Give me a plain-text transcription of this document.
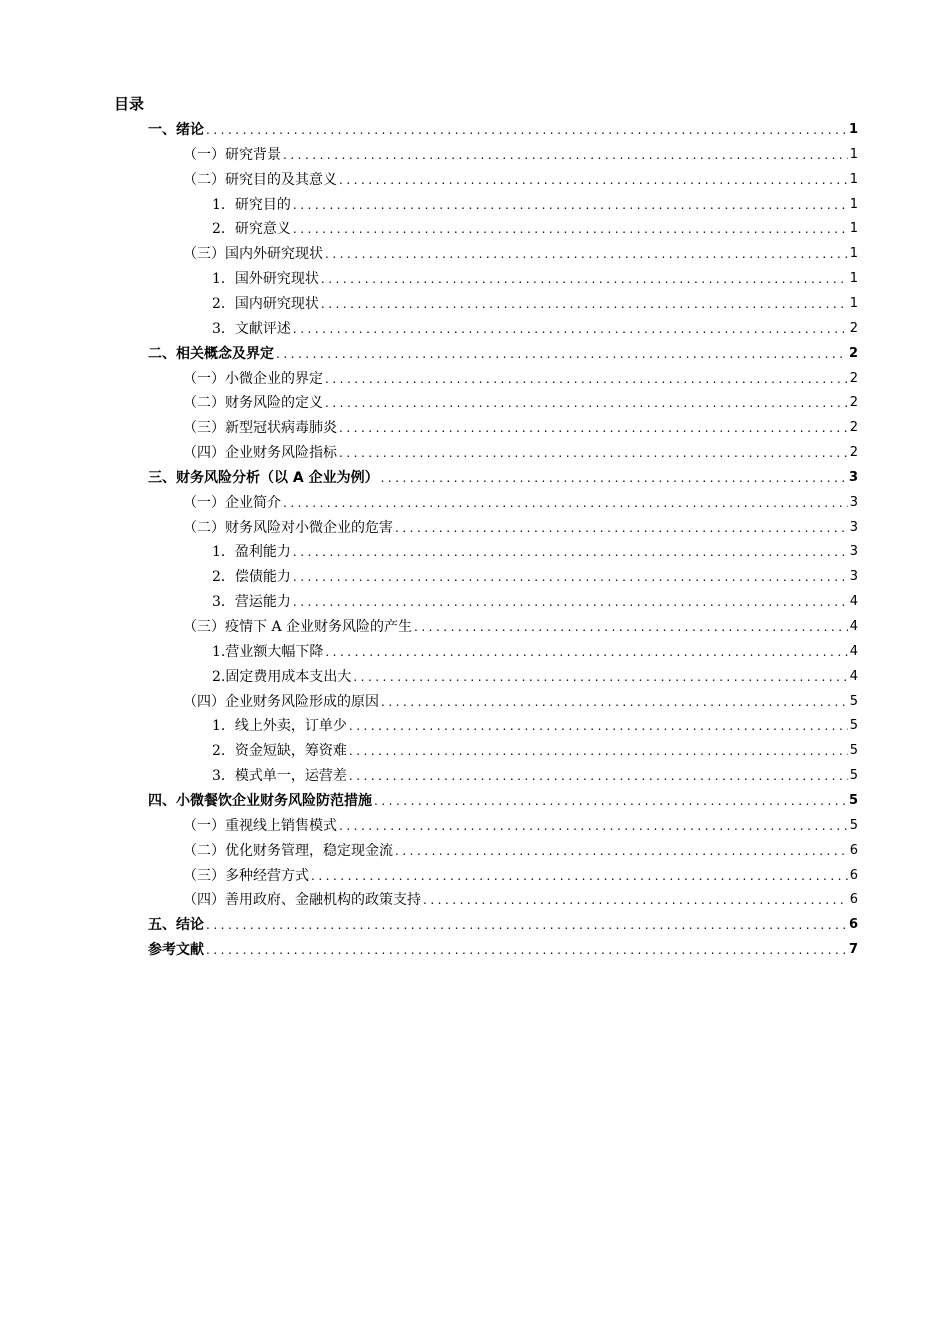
目录
一、绪论 .....	1
（一）研究背景 .....	1
（二）研究目的及其意义 .....	1
1．研究目的 .....	1
2．研究意义 .....	1
（三）国内外研究现状 .....	1
1．国外研究现状 .....	1
2．国内研究现状 .....	1
3．文献评述 .....	2
二、相关概念及界定 .....	2
（一）小微企业的界定 .....	2
（二）财务风险的定义 .....	2
（三）新型冠状病毒肺炎 .....	2
（四）企业财务风险指标 .....	2
三、财务风险分析（以 A 企业为例） .....	3
（一）企业简介 .....	3
（二）财务风险对小微企业的危害 .....	3
1．盈利能力 .....	3
2．偿债能力 .....	3
3．营运能力 .....	4
（三）疫情下 A 企业财务风险的产生 .....	4
1.营业额大幅下降 .....	4
2.固定费用成本支出大 .....	4
（四）企业财务风险形成的原因 .....	5
1．线上外卖，订单少 .....	5
2．资金短缺，筹资难 .....	5
3．模式单一，运营差 .....	5
四、小微餐饮企业财务风险防范措施 .....	5
（一）重视线上销售模式 .....	5
（二）优化财务管理，稳定现金流 .....	6
（三）多种经营方式 .....	6
（四）善用政府、金融机构的政策支持 .....	6
五、结论 .....	6
参考文献 .....	7
